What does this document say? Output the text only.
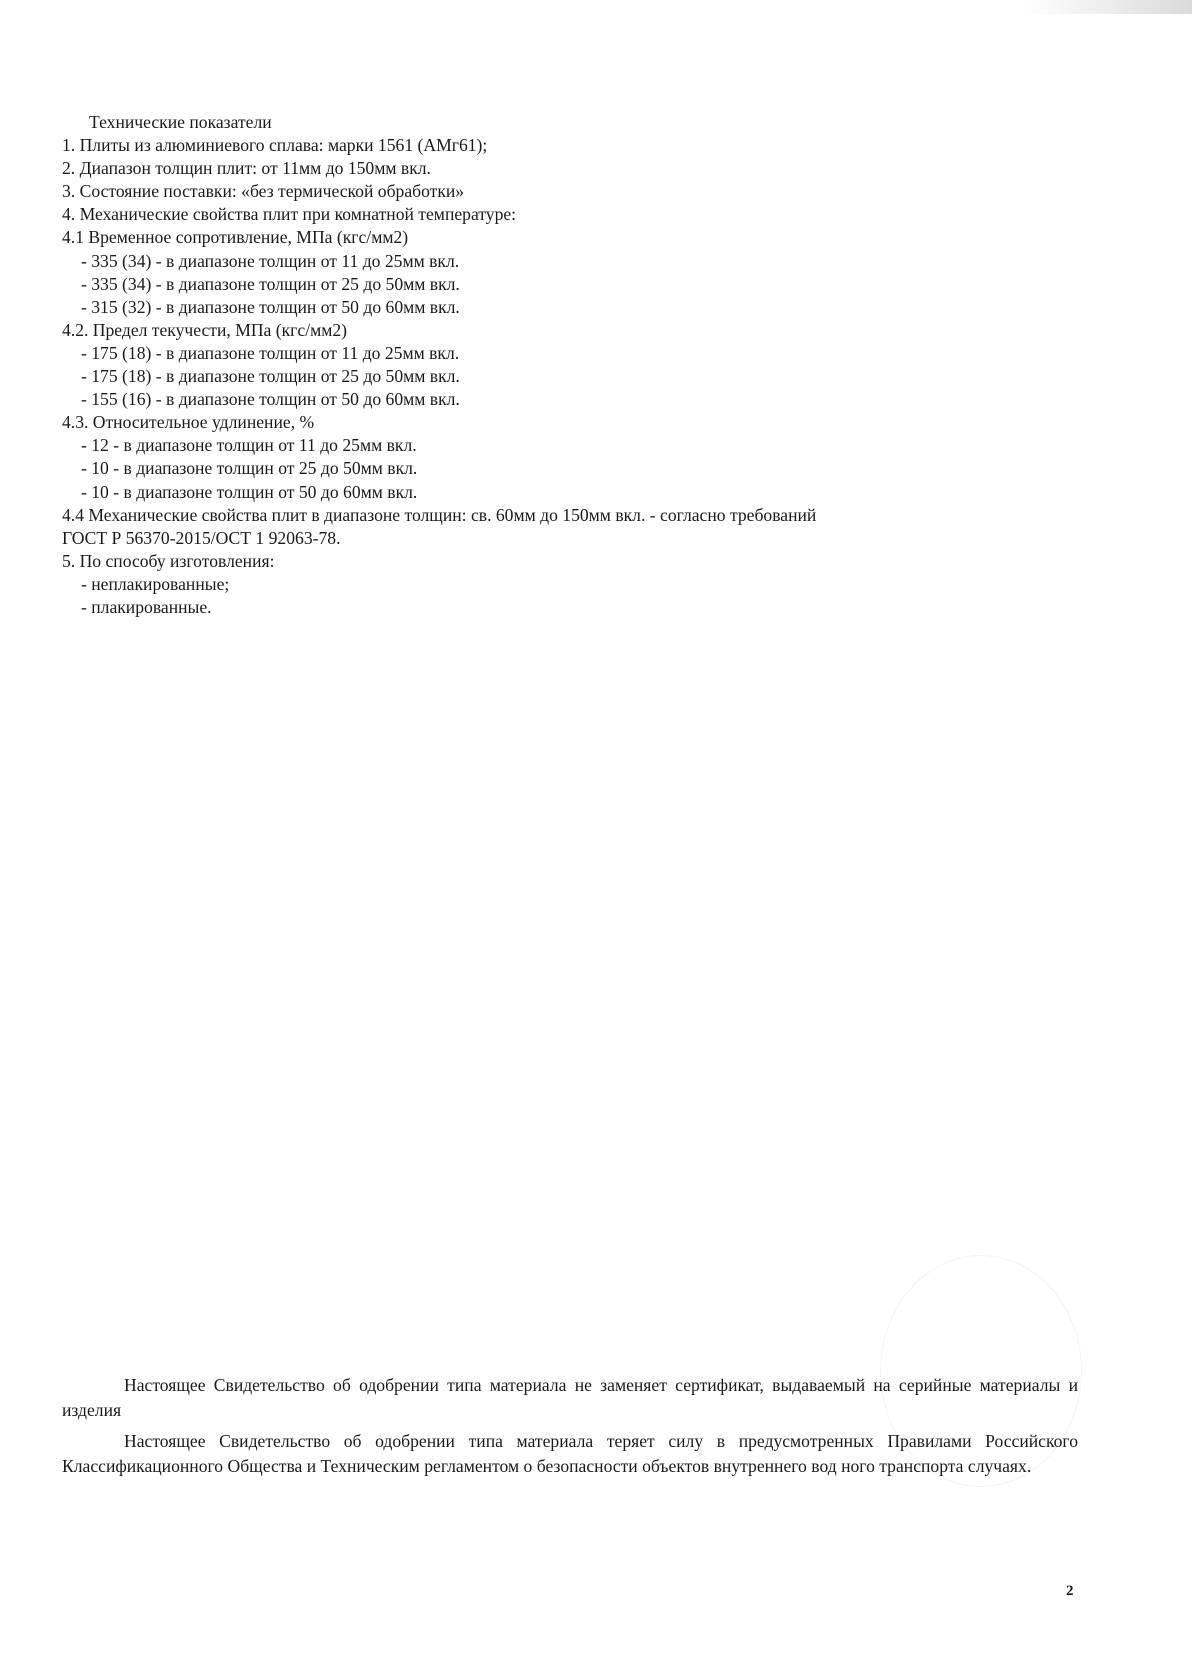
Технические показатели
1. Плиты из алюминиевого сплава: марки 1561 (АМг61);
2. Диапазон толщин плит: от 11мм до 150мм вкл.
3. Состояние поставки: «без термической обработки»
4. Механические свойства плит при комнатной температуре:
4.1 Временное сопротивление, МПа (кгс/мм2)
- 335 (34) - в диапазоне толщин от 11 до 25мм вкл.
- 335 (34) - в диапазоне толщин от 25 до 50мм вкл.
- 315 (32) - в диапазоне толщин от 50 до 60мм вкл.
4.2. Предел текучести, МПа (кгс/мм2)
- 175 (18) - в диапазоне толщин от 11 до 25мм вкл.
- 175 (18) - в диапазоне толщин от 25 до 50мм вкл.
- 155 (16) - в диапазоне толщин от 50 до 60мм вкл.
4.3. Относительное удлинение, %
- 12 - в диапазоне толщин от 11 до 25мм вкл.
- 10 - в диапазоне толщин от 25 до 50мм вкл.
- 10 - в диапазоне толщин от 50 до 60мм вкл.
4.4 Механические свойства плит в диапазоне толщин: св. 60мм до 150мм вкл. - согласно требований
ГОСТ Р 56370-2015/ОСТ 1 92063-78.
5. По способу изготовления:
- неплакированные;
- плакированные.

Настоящее Свидетельство об одобрении типа материала не заменяет сертификат, выдаваемый на серийные материалы и изделия

Настоящее Свидетельство об одобрении типа материала теряет силу в предусмотренных Правилами Российского Классификационного Общества и Техническим регламентом о безопасности объектов внутреннего вод ного транспорта случаях.

2
